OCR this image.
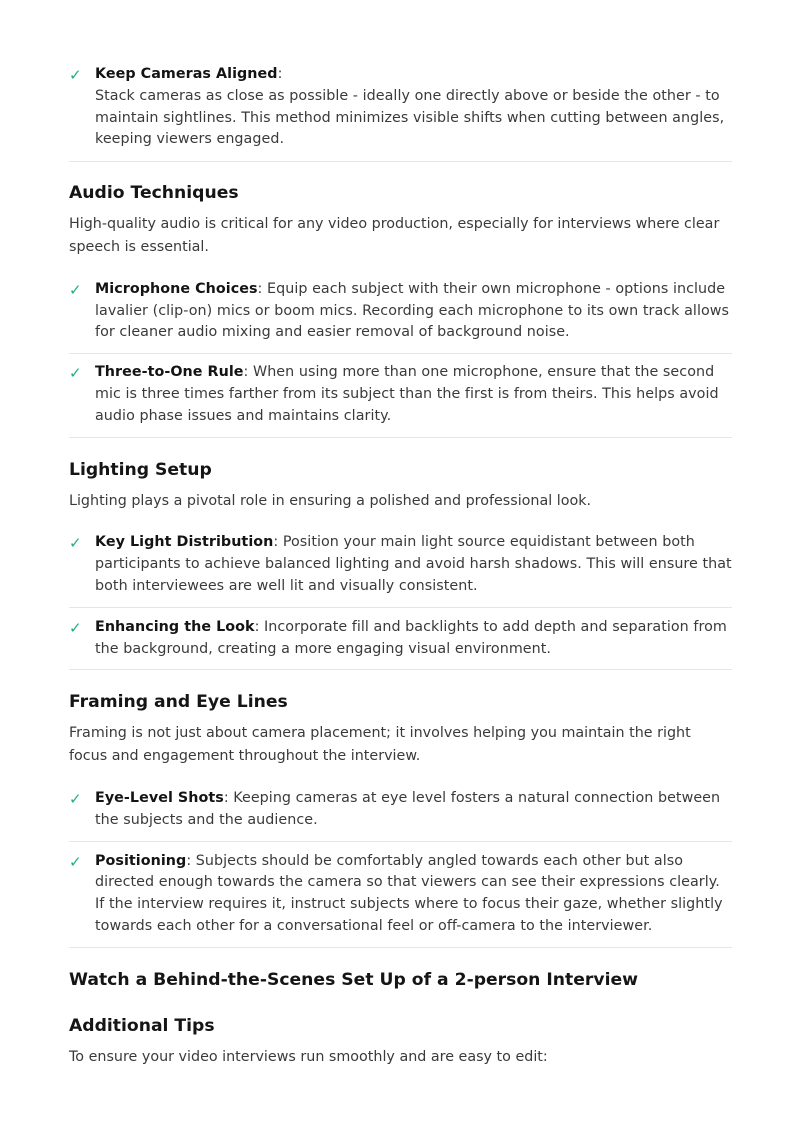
✓ Keep Cameras Aligned:
Stack cameras as close as possible - ideally one directly above or beside the other - to maintain sightlines. This method minimizes visible shifts when cutting between angles, keeping viewers engaged.
Audio Techniques

High-quality audio is critical for any video production, especially for interviews where clear speech is essential.

✓ Microphone Choices: Equip each subject with their own microphone - options include lavalier (clip-on) mics or boom mics. Recording each microphone to its own track allows for cleaner audio mixing and easier removal of background noise.
✓ Three-to-One Rule: When using more than one microphone, ensure that the second mic is three times farther from its subject than the first is from theirs. This helps avoid audio phase issues and maintains clarity.
Lighting Setup

Lighting plays a pivotal role in ensuring a polished and professional look.

✓ Key Light Distribution: Position your main light source equidistant between both participants to achieve balanced lighting and avoid harsh shadows. This will ensure that both interviewees are well lit and visually consistent.
✓ Enhancing the Look: Incorporate fill and backlights to add depth and separation from the background, creating a more engaging visual environment.
Framing and Eye Lines

Framing is not just about camera placement; it involves helping you maintain the right focus and engagement throughout the interview.

✓ Eye-Level Shots: Keeping cameras at eye level fosters a natural connection between the subjects and the audience.
✓ Positioning: Subjects should be comfortably angled towards each other but also directed enough towards the camera so that viewers can see their expressions clearly. If the interview requires it, instruct subjects where to focus their gaze, whether slightly towards each other for a conversational feel or off-camera to the interviewer.
Watch a Behind-the-Scenes Set Up of a 2-person Interview
Additional Tips

To ensure your video interviews run smoothly and are easy to edit:
